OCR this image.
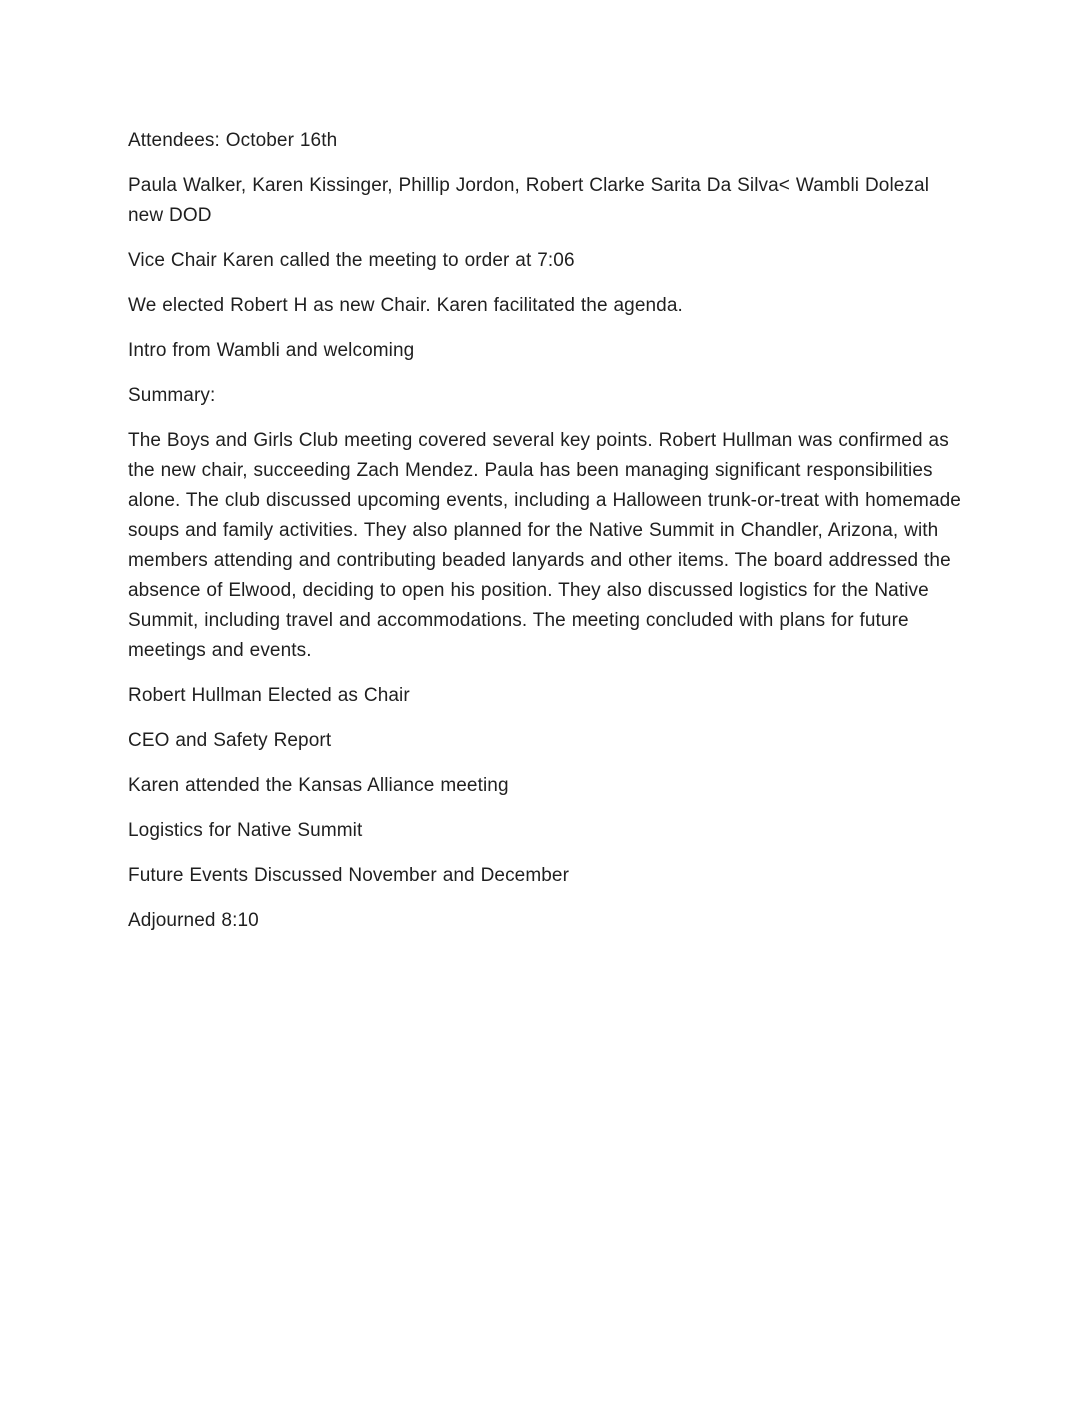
Attendees: October 16th

Paula Walker, Karen Kissinger, Phillip Jordon, Robert Clarke Sarita Da Silva< Wambli Dolezal new DOD

Vice Chair Karen called the meeting to order at 7:06

We elected Robert H as new Chair. Karen facilitated the agenda.

Intro from Wambli and welcoming

Summary:

The Boys and Girls Club meeting covered several key points. Robert Hullman was confirmed as the new chair, succeeding Zach Mendez. Paula has been managing significant responsibilities alone. The club discussed upcoming events, including a Halloween trunk-or-treat with homemade soups and family activities. They also planned for the Native Summit in Chandler, Arizona, with members attending and contributing beaded lanyards and other items. The board addressed the absence of Elwood, deciding to open his position. They also discussed logistics for the Native Summit, including travel and accommodations. The meeting concluded with plans for future meetings and events.

Robert Hullman Elected as Chair

CEO and Safety Report

Karen attended the Kansas Alliance meeting

Logistics for Native Summit

Future Events Discussed November and December

Adjourned 8:10
